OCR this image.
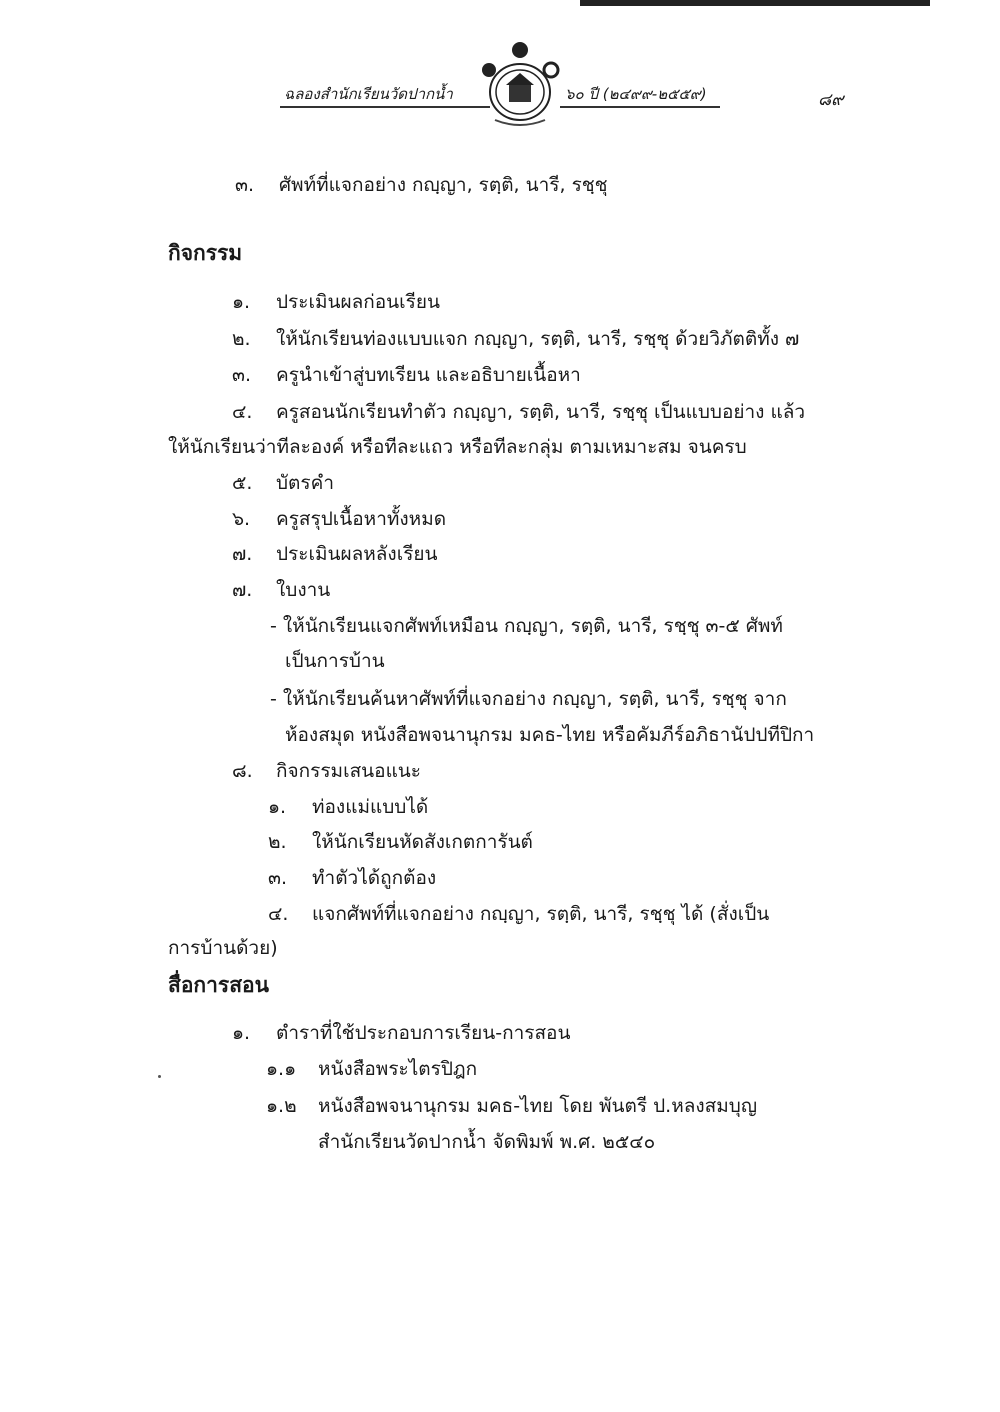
ฉลองสำนักเรียนวัดปากน้ำ	๖๐ ปี (๒๔๙๙-๒๕๕๙)	๘๙
๓. ศัพท์ที่แจกอย่าง กญฺญา, รตฺติ, นารี, รชฺชุ
กิจกรรม
๑. ประเมินผลก่อนเรียน
๒. ให้นักเรียนท่องแบบแจก กญฺญา, รตฺติ, นารี, รชฺชุ ด้วยวิภัตติทั้ง ๗
๓. ครูนำเข้าสู่บทเรียน และอธิบายเนื้อหา
๔. ครูสอนนักเรียนทำตัว กญฺญา, รตฺติ, นารี, รชฺชุ เป็นแบบอย่าง แล้ว
ให้นักเรียนว่าทีละองค์ หรือทีละแถว หรือทีละกลุ่ม ตามเหมาะสม จนครบ
๕. บัตรคำ
๖. ครูสรุปเนื้อหาทั้งหมด
๗. ประเมินผลหลังเรียน
๗. ใบงาน
- ให้นักเรียนแจกศัพท์เหมือน กญฺญา, รตฺติ, นารี, รชฺชุ ๓-๕ ศัพท์
เป็นการบ้าน
- ให้นักเรียนค้นหาศัพท์ที่แจกอย่าง กญฺญา, รตฺติ, นารี, รชฺชุ จาก
ห้องสมุด หนังสือพจนานุกรม มคธ-ไทย หรือคัมภีร์อภิธานัปปทีปิกา
๘. กิจกรรมเสนอแนะ
๑. ท่องแม่แบบได้
๒. ให้นักเรียนหัดสังเกตการันต์
๓. ทำตัวได้ถูกต้อง
๔. แจกศัพท์ที่แจกอย่าง กญฺญา, รตฺติ, นารี, รชฺชุ ได้ (สั่งเป็น
การบ้านด้วย)
สื่อการสอน
๑. ตำราที่ใช้ประกอบการเรียน-การสอน
๑.๑ หนังสือพระไตรปิฎก
๑.๒ หนังสือพจนานุกรม มคธ-ไทย โดย พันตรี ป.หลงสมบุญ
สำนักเรียนวัดปากน้ำ จัดพิมพ์ พ.ศ. ๒๕๔๐
